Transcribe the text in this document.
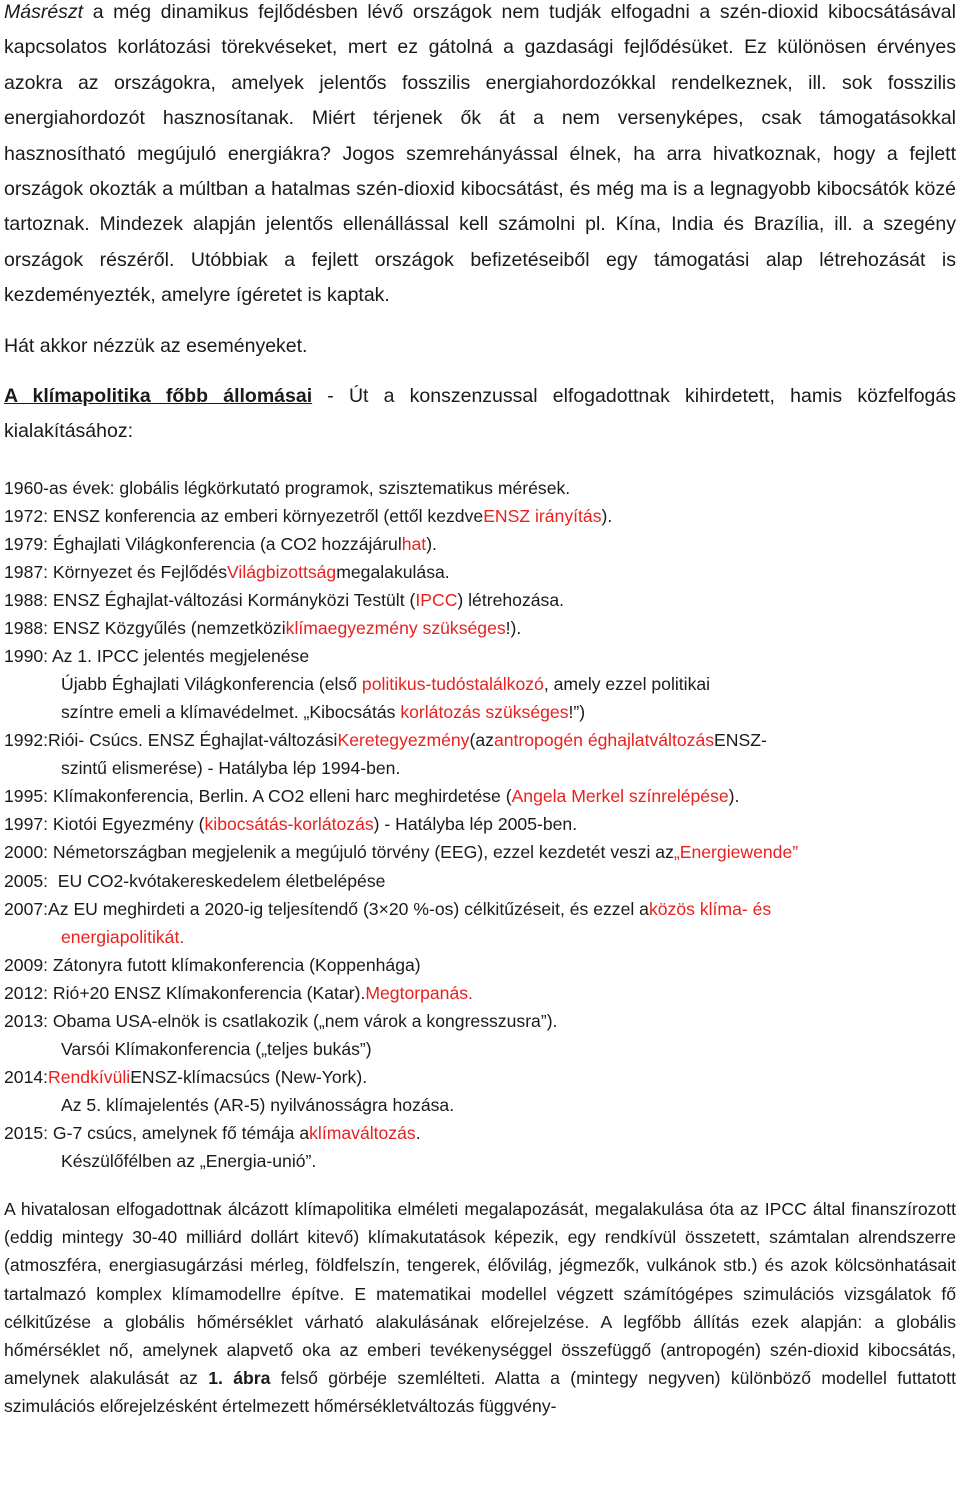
Másrészt a még dinamikus fejlődésben lévő országok nem tudják elfogadni a szén-dioxid kibocsátásával kapcsolatos korlátozási törekvéseket, mert ez gátolná a gazdasági fejlődésüket. Ez különösen érvényes azokra az országokra, amelyek jelentős fosszilis energiahordozókkal rendelkeznek, ill. sok fosszilis energiahordozót hasznosítanak. Miért térjenek ők át a nem versenyképes, csak támogatásokkal hasznosítható megújuló energiákra? Jogos szemrehányással élnek, ha arra hivatkoznak, hogy a fejlett országok okozták a múltban a hatalmas szén-dioxid kibocsátást, és még ma is a legnagyobb kibocsátók közé tartoznak. Mindezek alapján jelentős ellenállással kell számolni pl. Kína, India és Brazília, ill. a szegény országok részéről. Utóbbiak a fejlett országok befizetéseiből egy támogatási alap létrehozását is kezdeményezték, amelyre ígéretet is kaptak.

Hát akkor nézzük az eseményeket.

A klímapolitika főbb állomásai - Út a konszenzussal elfogadottnak kihirdetett, hamis közfelfogás kialakításához:

1960-as évek: globális légkörkutató programok, szisztematikus mérések.
1972: ENSZ konferencia az emberi környezetről (ettől kezdve ENSZ irányítás ).
1979: Éghajlati Világkonferencia (a CO2 hozzájárul hat ).
1987: Környezet és Fejlődés Világbizottság megalakulása.
1988: ENSZ Éghajlat-változási Kormányközi Testült ( IPCC ) létrehozása.
1988: ENSZ Közgyűlés (nemzetközi klímaegyezmény szükséges !).
1990: Az 1. IPCC jelentés megjelenése
Újabb Éghajlati Világkonferencia (első politikus-tudóstalálkozó, amely ezzel politikai
színtre emeli a klímavédelmet. „Kibocsátás korlátozás szükséges!”)
1992: Riói- Csúcs. ENSZ Éghajlat-változási Keretegyezmény (az antropogén éghajlatváltozás ENSZ-
szintű elismerése) - Hatályba lép 1994-ben.
1995: Klímakonferencia, Berlin. A CO2 elleni harc meghirdetése ( Angela Merkel színrelépése ).
1997: Kiotói Egyezmény ( kibocsátás-korlátozás ) - Hatályba lép 2005-ben.
2000: Németországban megjelenik a megújuló törvény (EEG), ezzel kezdetét veszi az „Energiewende”
2005:  EU CO2-kvótakereskedelem életbelépése
2007: Az EU meghirdeti a 2020-ig teljesítendő (3×20 %-os) célkitűzéseit, és ezzel a közös klíma- és
energiapolitikát.
2009: Zátonyra futott klímakonferencia (Koppenhága)
2012: Rió+20 ENSZ Klímakonferencia (Katar). Megtorpanás.
2013: Obama USA-elnök is csatlakozik („nem várok a kongresszusra”).
Varsói Klímakonferencia („teljes bukás”)
2014: Rendkívüli ENSZ-klímacsúcs (New-York).
Az 5. klímajelentés (AR-5) nyilvánosságra hozása.
2015: G-7 csúcs, amelynek fő témája a klímaváltozás .
Készülőfélben az „Energia-unió”.

A hivatalosan elfogadottnak álcázott klímapolitika elméleti megalapozását, megalakulása óta az IPCC által finanszírozott (eddig mintegy 30-40 milliárd dollárt kitevő) klímakutatások képezik, egy rendkívül összetett, számtalan alrendszerre (atmoszféra, energiasugárzási mérleg, földfelszín, tengerek, élővilág, jégmezők, vulkánok stb.) és azok kölcsönhatásait tartalmazó komplex klímamodellre építve. E matematikai modellel végzett számítógépes szimulációs vizsgálatok fő célkitűzése a globális hőmérséklet várható alakulásának előrejelzése. A legfőbb állítás ezek alapján: a globális hőmérséklet nő, amelynek alapvető oka az emberi tevékenységgel összefüggő (antropogén) szén-dioxid kibocsátás, amelynek alakulását az 1. ábra felső görbéje szemlélteti. Alatta a (mintegy negyven) különböző modellel futtatott szimulációs előrejelzésként értelmezett hőmérsékletváltozás függvény-
